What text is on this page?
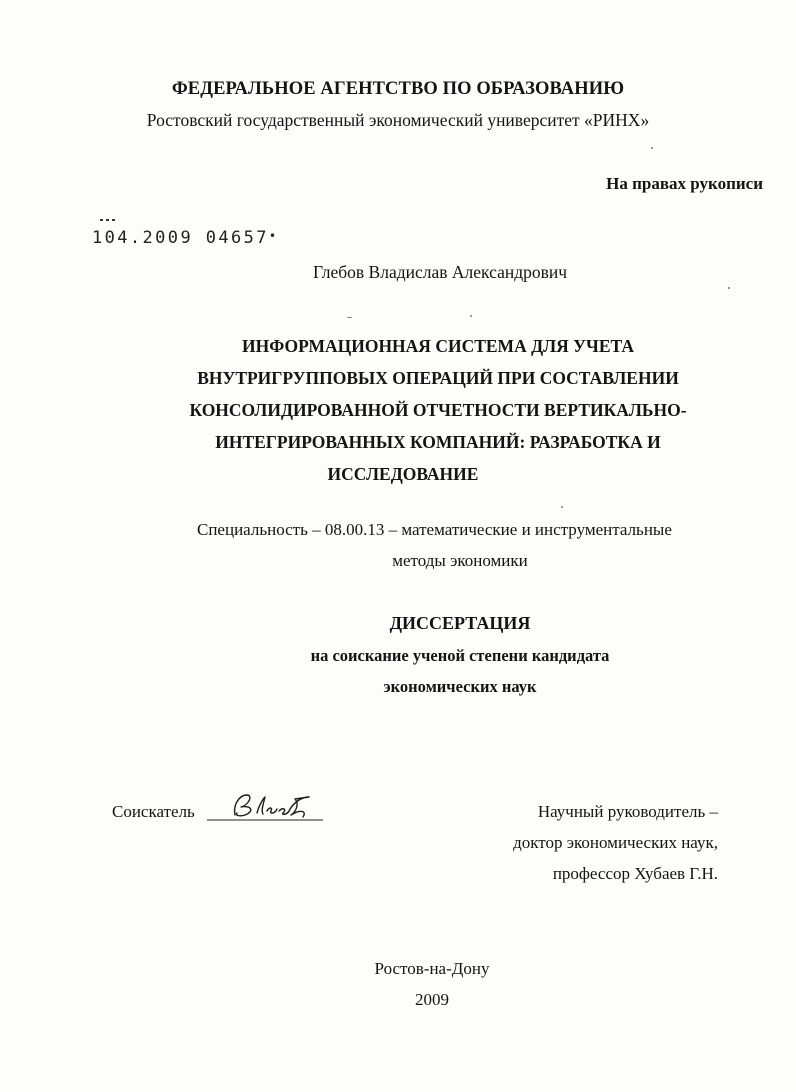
ФЕДЕРАЛЬНОЕ АГЕНТСТВО ПО ОБРАЗОВАНИЮ
Ростовский государственный экономический университет «РИНХ»
На правах рукописи
104.2009 04657•
Глебов Владислав Александрович
ИНФОРМАЦИОННАЯ СИСТЕМА ДЛЯ УЧЕТА
ВНУТРИГРУППОВЫХ ОПЕРАЦИЙ ПРИ СОСТАВЛЕНИИ
КОНСОЛИДИРОВАННОЙ ОТЧЕТНОСТИ ВЕРТИКАЛЬНО-
ИНТЕГРИРОВАННЫХ КОМПАНИЙ: РАЗРАБОТКА И
ИССЛЕДОВАНИЕ
Специальность – 08.00.13 – математические и инструментальные
методы экономики
ДИССЕРТАЦИЯ
на соискание ученой степени кандидата
экономических наук
Соискатель	Научный руководитель –
доктор экономических наук,
профессор Хубаев Г.Н.
Ростов-на-Дону
2009
